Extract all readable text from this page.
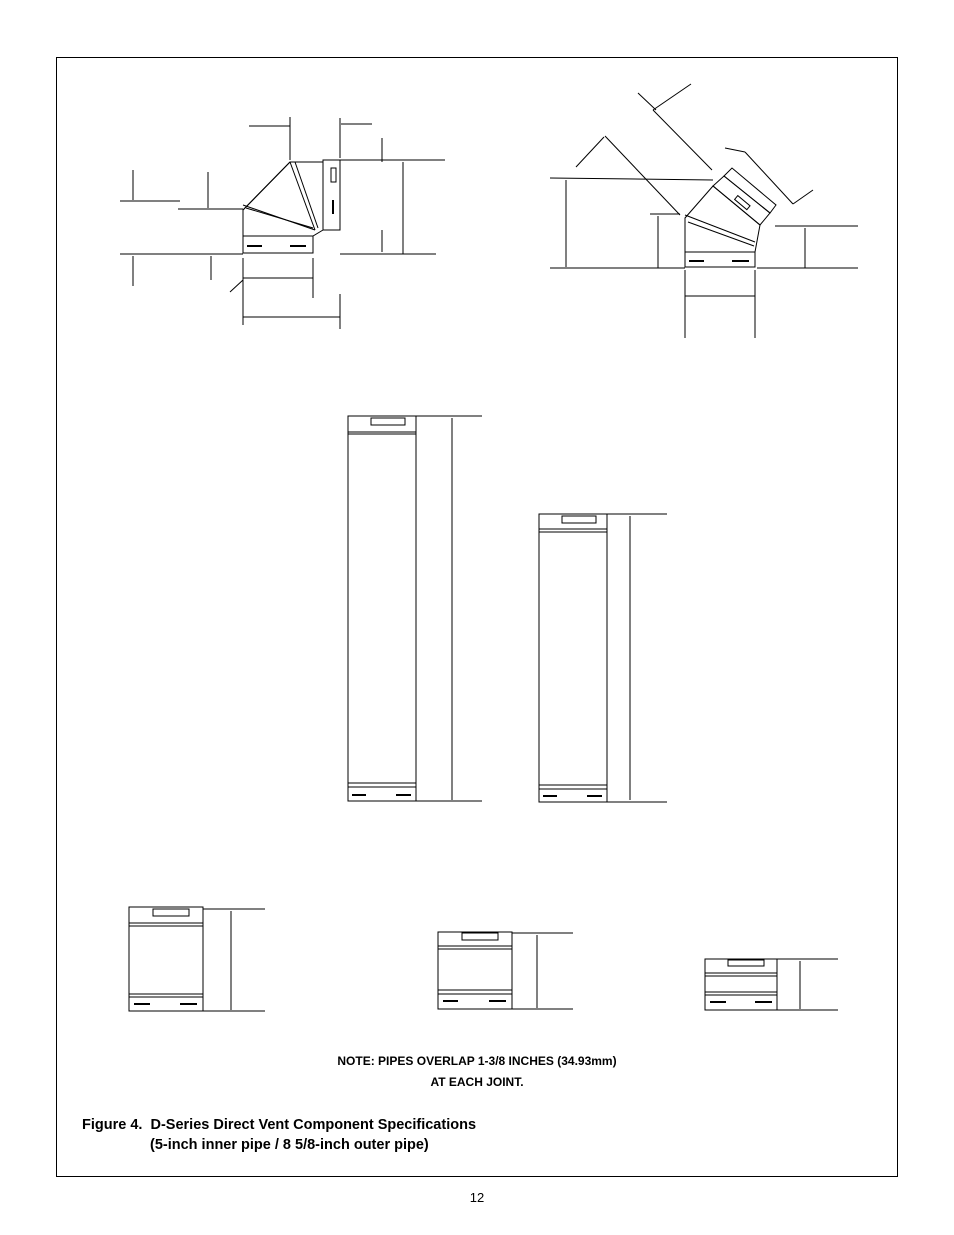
NOTE: PIPES OVERLAP 1-3/8 INCHES (34.93mm)
AT EACH JOINT.
Figure 4.  D-Series Direct Vent Component Specifications
(5-inch inner pipe / 8 5/8-inch outer pipe)
12
